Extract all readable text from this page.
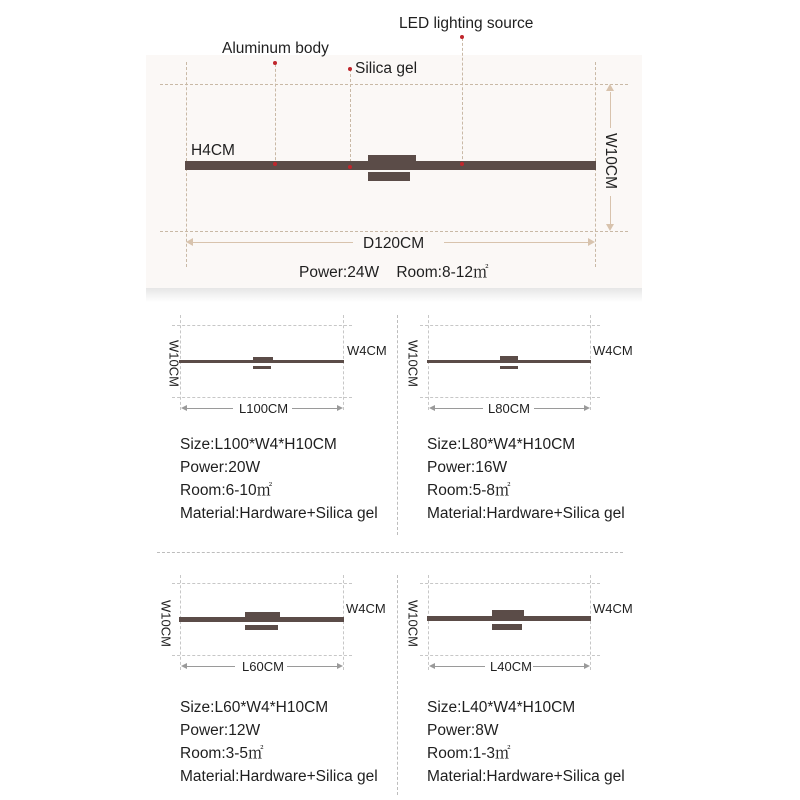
LED lighting source
Aluminum body
Silica gel
H4CM	W10CM
D120CM
Power:24W    Room:8-12㎡
W10CM	W4CM
L100CM
Size:L100*W4*H10CM
Power:20W
Room:6-10㎡
Material:Hardware+Silica gel
W10CM	W4CM
L80CM
Size:L80*W4*H10CM
Power:16W
Room:5-8㎡
Material:Hardware+Silica gel
W10CM	W4CM
L60CM
Size:L60*W4*H10CM
Power:12W
Room:3-5㎡
Material:Hardware+Silica gel
W10CM	W4CM
L40CM
Size:L40*W4*H10CM
Power:8W
Room:1-3㎡
Material:Hardware+Silica gel
